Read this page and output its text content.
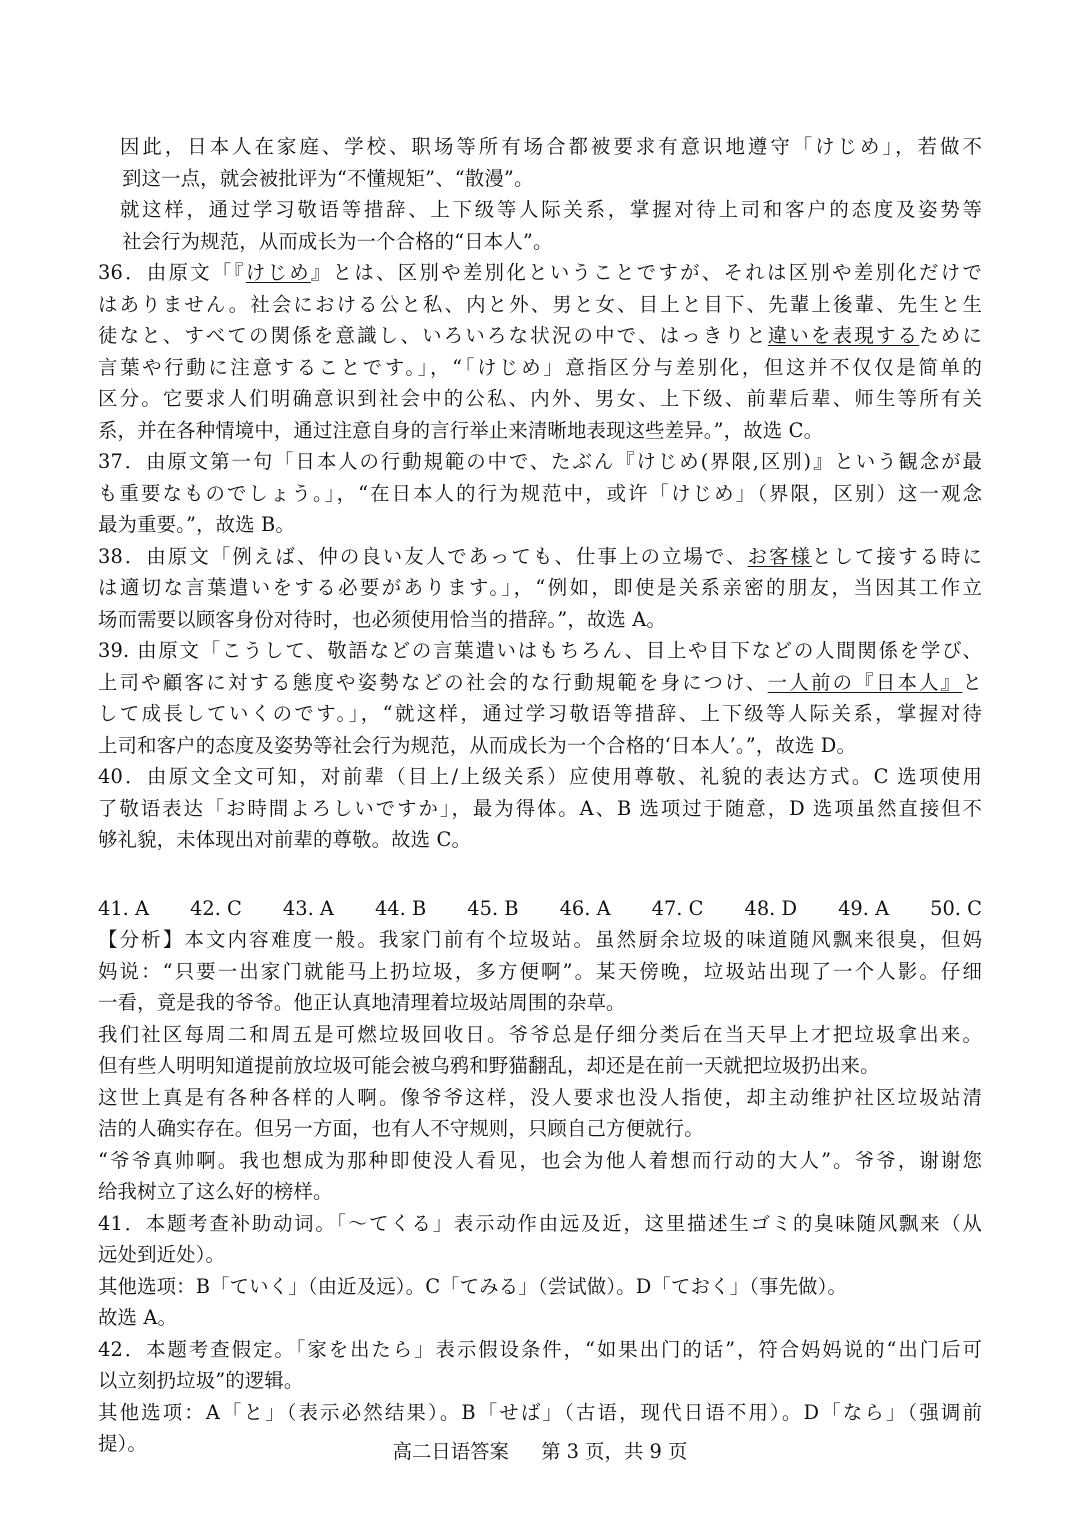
因此，日本人在家庭、学校、职场等所有场合都被要求有意识地遵守「けじめ」，若做不
到这一点，就会被批评为“不懂规矩”、“散漫”。
就这样，通过学习敬语等措辞、上下级等人际关系，掌握对待上司和客户的态度及姿势等
社会行为规范，从而成长为一个合格的“日本人”。
36．由原文「『けじめ』とは、区別や差別化ということですが、それは区別や差別化だけで
はありません。社会における公と私、内と外、男と女、目上と目下、先輩上後輩、先生と生
徒なと、すべての関係を意識し、いろいろな状況の中で、はっきりと違いを表現するために
言葉や行動に注意することです。」，“「けじめ」意指区分与差别化，但这并不仅仅是简单的
区分。它要求人们明确意识到社会中的公私、内外、男女、上下级、前辈后辈、师生等所有关
系，并在各种情境中，通过注意自身的言行举止来清晰地表现这些差异。”，故选 C。
37．由原文第一句「日本人の行動規範の中で、たぶん『けじめ(界限,区別)』という観念が最
も重要なものでしょう。」，“在日本人的行为规范中，或许「けじめ」（界限，区别）这一观念
最为重要。”，故选 B。
38．由原文「例えば、仲の良い友人であっても、仕事上の立場で、お客様として接する時に
は適切な言葉遣いをする必要があります。」，“例如，即使是关系亲密的朋友，当因其工作立
场而需要以顾客身份对待时，也必须使用恰当的措辞。”，故选 A。
39. 由原文「こうして、敬語などの言葉遣いはもちろん、目上や目下などの人間関係を学び、
上司や顧客に対する態度や姿勢などの社会的な行動規範を身につけ、一人前の『日本人』と
して成長していくのです。」，“就这样，通过学习敬语等措辞、上下级等人际关系，掌握对待
上司和客户的态度及姿势等社会行为规范，从而成长为一个合格的‘日本人’。”，故选 D。
40．由原文全文可知，对前辈（目上/上级关系）应使用尊敬、礼貌的表达方式。C 选项使用
了敬语表达「お時間よろしいですか」，最为得体。A、B 选项过于随意，D 选项虽然直接但不
够礼貌，未体现出对前辈的尊敬。故选 C。
41. A 42. C 43. A 44. B 45. B 46. A 47. C 48. D 49. A 50. C
【分析】本文内容难度一般。我家门前有个垃圾站。虽然厨余垃圾的味道随风飘来很臭，但妈
妈说：“只要一出家门就能马上扔垃圾，多方便啊”。某天傍晚，垃圾站出现了一个人影。仔细
一看，竟是我的爷爷。他正认真地清理着垃圾站周围的杂草。
我们社区每周二和周五是可燃垃圾回收日。爷爷总是仔细分类后在当天早上才把垃圾拿出来。
但有些人明明知道提前放垃圾可能会被乌鸦和野猫翻乱，却还是在前一天就把垃圾扔出来。
这世上真是有各种各样的人啊。像爷爷这样，没人要求也没人指使，却主动维护社区垃圾站清
洁的人确实存在。但另一方面，也有人不守规则，只顾自己方便就行。
“爷爷真帅啊。我也想成为那种即使没人看见，也会为他人着想而行动的大人”。爷爷，谢谢您
给我树立了这么好的榜样。
41．本题考查补助动词。「～てくる」表示动作由远及近，这里描述生ゴミ的臭味随风飘来（从
远处到近处）。
其他选项：B「ていく」（由近及远）。C「てみる」（尝试做）。D「ておく」（事先做）。
故选 A。
42．本题考查假定。「家を出たら」表示假设条件，“如果出门的话”，符合妈妈说的“出门后可
以立刻扔垃圾”的逻辑。
其他选项：A「と」（表示必然结果）。B「せば」（古语，现代日语不用）。D「なら」（强调前
提）。	高二日语答案 第 3 页，共 9 页
